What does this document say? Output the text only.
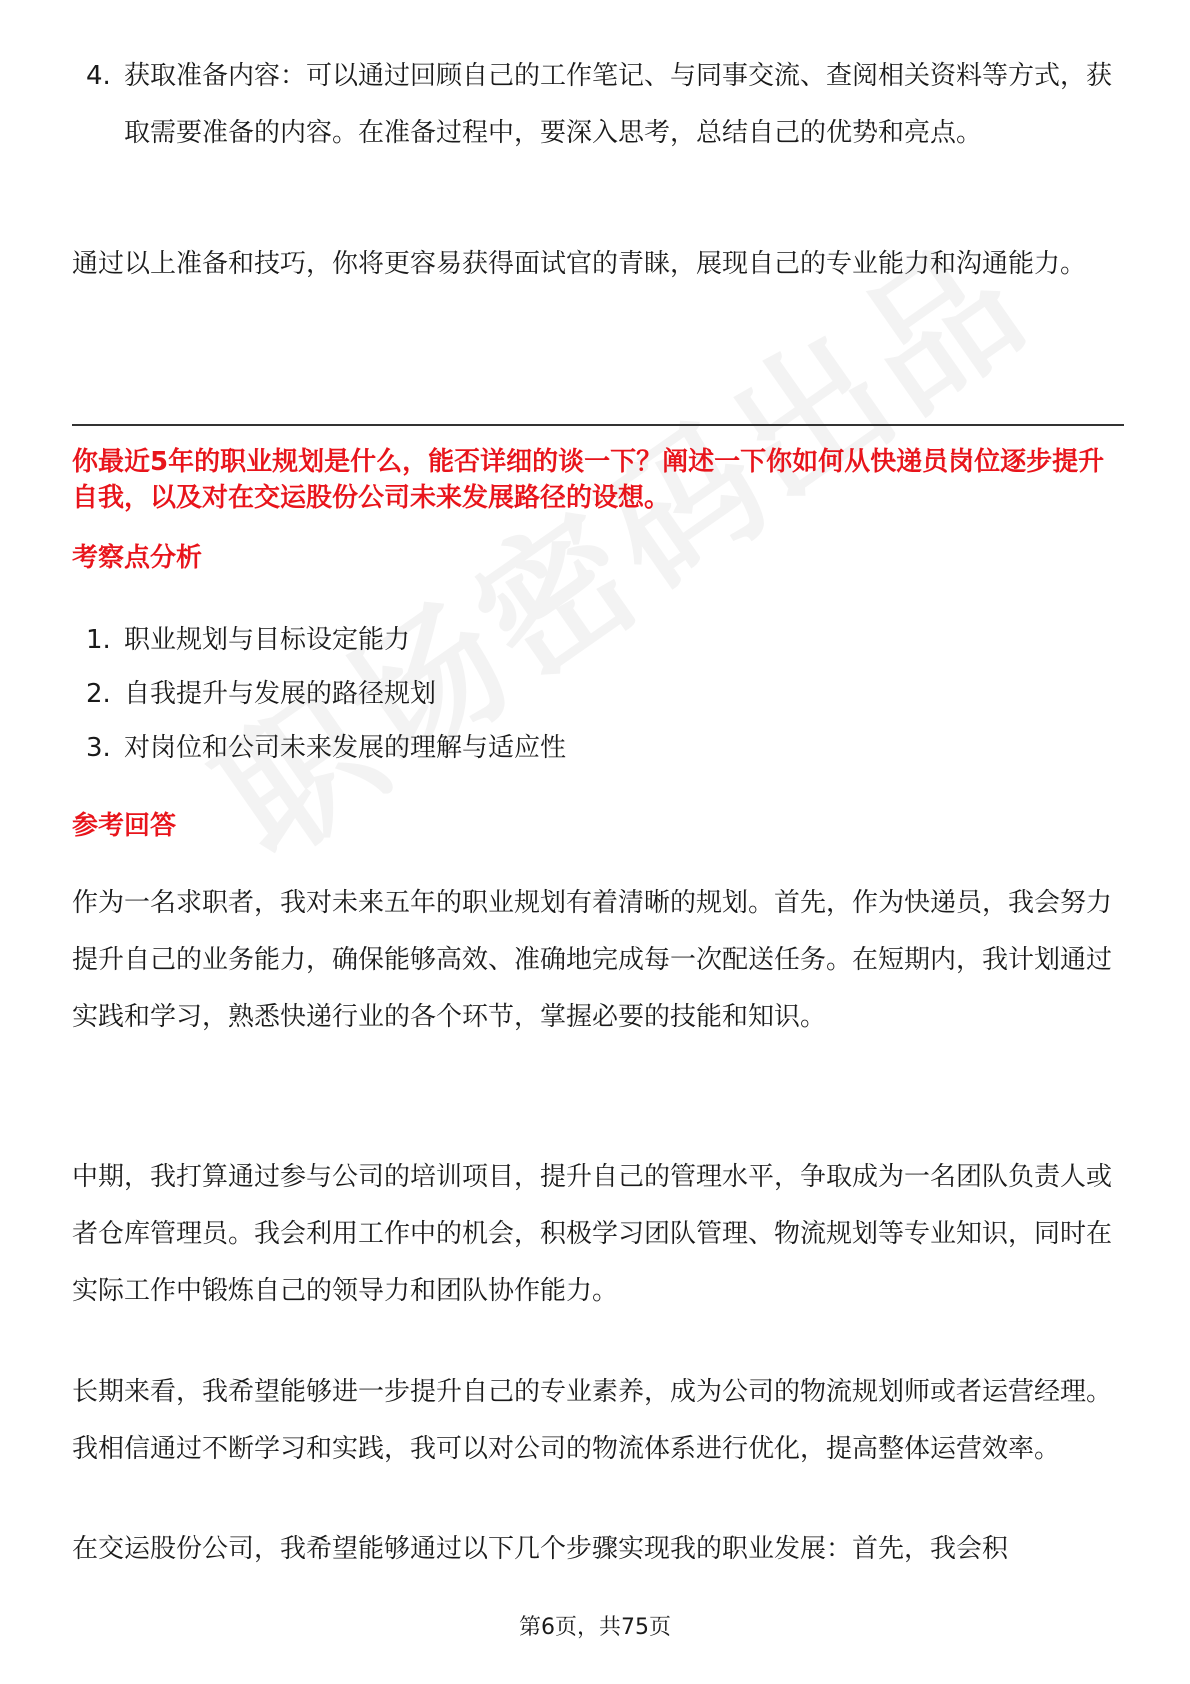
4. 获取准备内容：可以通过回顾自己的工作笔记、与同事交流、查阅相关资料等方式，获取需要准备的内容。在准备过程中，要深入思考，总结自己的优势和亮点。
通过以上准备和技巧，你将更容易获得面试官的青睐，展现自己的专业能力和沟通能力。
你最近5年的职业规划是什么，能否详细的谈一下？阐述一下你如何从快递员岗位逐步提升自我，以及对在交运股份公司未来发展路径的设想。
考察点分析
1. 职业规划与目标设定能力
2. 自我提升与发展的路径规划
3. 对岗位和公司未来发展的理解与适应性
参考回答
作为一名求职者，我对未来五年的职业规划有着清晰的规划。首先，作为快递员，我会努力提升自己的业务能力，确保能够高效、准确地完成每一次配送任务。在短期内，我计划通过实践和学习，熟悉快递行业的各个环节，掌握必要的技能和知识。
中期，我打算通过参与公司的培训项目，提升自己的管理水平，争取成为一名团队负责人或者仓库管理员。我会利用工作中的机会，积极学习团队管理、物流规划等专业知识，同时在实际工作中锻炼自己的领导力和团队协作能力。
长期来看，我希望能够进一步提升自己的专业素养，成为公司的物流规划师或者运营经理。我相信通过不断学习和实践，我可以对公司的物流体系进行优化，提高整体运营效率。
在交运股份公司，我希望能够通过以下几个步骤实现我的职业发展：首先，我会积
第6页，共75页
